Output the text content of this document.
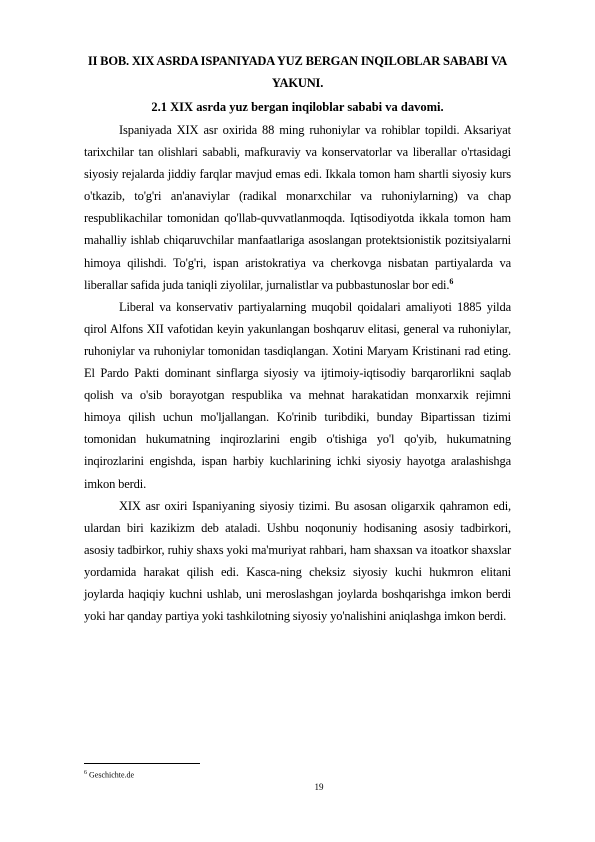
II BOB. XIX ASRDA ISPANIYADA YUZ BERGAN INQILOBLAR SABABI VA YAKUNI.
2.1 XIX asrda yuz bergan inqiloblar sababi va davomi.

Ispaniyada XIX asr oxirida 88 ming ruhoniylar va rohiblar topildi. Aksariyat tarixchilar tan olishlari sababli, mafkuraviy va konservatorlar va liberallar o'rtasidagi siyosiy rejalarda jiddiy farqlar mavjud emas edi. Ikkala tomon ham shartli siyosiy kurs o'tkazib, to'g'ri an'anaviylar (radikal monarxchilar va ruhoniylarning) va chap respublikachilar tomonidan qo'llab-quvvatlanmoqda. Iqtisodiyotda ikkala tomon ham mahalliy ishlab chiqaruvchilar manfaatlariga asoslangan protektsionistik pozitsiyalarni himoya qilishdi. To'g'ri, ispan aristokratiya va cherkovga nisbatan partiyalarda va liberallar safida juda taniqli ziyolilar, jurnalistlar va pubbastunoslar bor edi.$^6$

Liberal va konservativ partiyalarning muqobil qoidalari amaliyoti 1885 yilda qirol Alfons XII vafotidan keyin yakunlangan boshqaruv elitasi, general va ruhoniylar, ruhoniylar va ruhoniylar tomonidan tasdiqlangan. Xotini Maryam Kristinani rad eting. El Pardo Pakti dominant sinflarga siyosiy va ijtimoiy-iqtisodiy barqarorlikni saqlab qolish va o'sib borayotgan respublika va mehnat harakatidan monxarxik rejimni himoya qilish uchun mo'ljallangan. Ko'rinib turibdiki, bunday Bipartissan tizimi tomonidan hukumatning inqirozlarini engib o'tishiga yo'l qo'yib, hukumatning inqirozlarini engishda, ispan harbiy kuchlarining ichki siyosiy hayotga aralashishga imkon berdi.

XIX asr oxiri Ispaniyaning siyosiy tizimi. Bu asosan oligarxik qahramon edi, ulardan biri kazikizm deb ataladi. Ushbu noqonuniy hodisaning asosiy tadbirkori, asosiy tadbirkor, ruhiy shaxs yoki ma'muriyat rahbari, ham shaxsan va itoatkor shaxslar yordamida harakat qilish edi. Kasca-ning cheksiz siyosiy kuchi hukmron elitani joylarda haqiqiy kuchni ushlab, uni meroslashgan joylarda boshqarishga imkon berdi yoki har qanday partiya yoki tashkilotning siyosiy yo'nalishini aniqlashga imkon berdi.

$^6$ Geschichte.de
19
